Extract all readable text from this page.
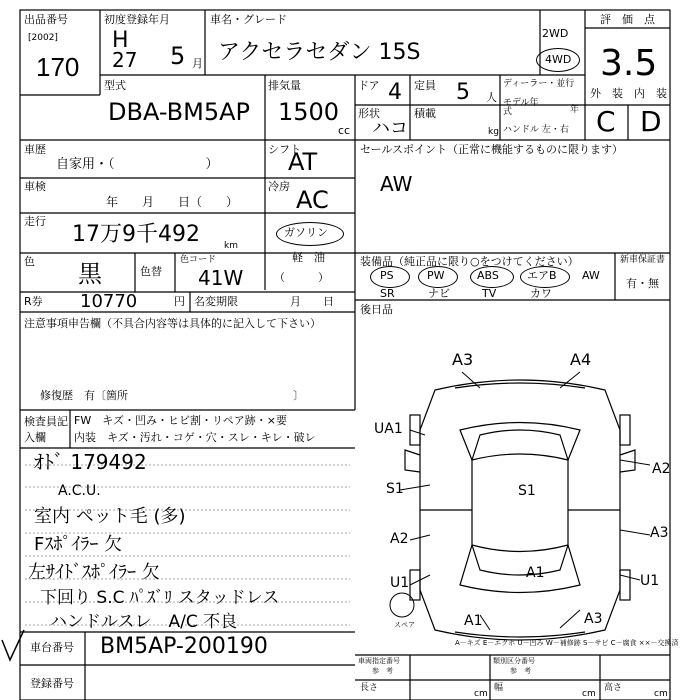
出品番号
[2002]
170
初度登録年月
H
27 5 月
車名・グレード
アクセラセダン 15S
2WD
4WD
評　価　点
3.5
型式
DBA-BM5AP
排気量
1500
cc
ドア 4 定員 5 人
ディーラー・並行
モデル年式	年
形状
ハコ
積載
kg ハンドル 左・右
外　装 内　装
C D
車歴
自家用・（　　　　　　　）
車検
年　　月　　日（　　）
走行
17万9千492	km
色 黒	色替
色コード
41W
R券 10770	円 名変期限	月　　日
シフト
AT
冷房 AC
ガソリン
軽　油
（　　　）
セールスポイント（正常に機能するものに限ります）
AW
装備品（純正品に限り○をつけてください）	新車保証書
有・無
PS	PW	ABS	エアB AW
SR	ナビ	TV	カワ
注意事項申告欄（不具合内容等は具体的に記入して下さい）
修復歴　有〔箇所　　　　　　　　　　　　　　　〕
後日品
検査員記入欄
FW　キズ・凹み・ヒビ割・リペア跡・×要
内装　キズ・汚れ・コゲ・穴・スレ・キレ・破レ
ｵﾄﾞ 179492
A.C.U.
室内 ペット毛 (多)
Fｽﾎﾟｲﾗｰ 欠
左ｻｲﾄﾞｽﾎﾟｲﾗｰ 欠
下回り S.C ﾊﾟｽﾞﾘ スタッドレス
ハンドルスレ　A/C 不良
A3	A4
UA1
A2
S1	S1
A3
A2
A1
U1	U1
A1	A3
スペア
A－キズ E－エクボ U－凹み W－補修跡 S－サビ C－腐食 ××－交換済
車台番号 BM5AP-200190
登録番号
車両指定番号
参　考
類別区分番号
参　考
長さ
cm
幅
cm
高さ
cm
